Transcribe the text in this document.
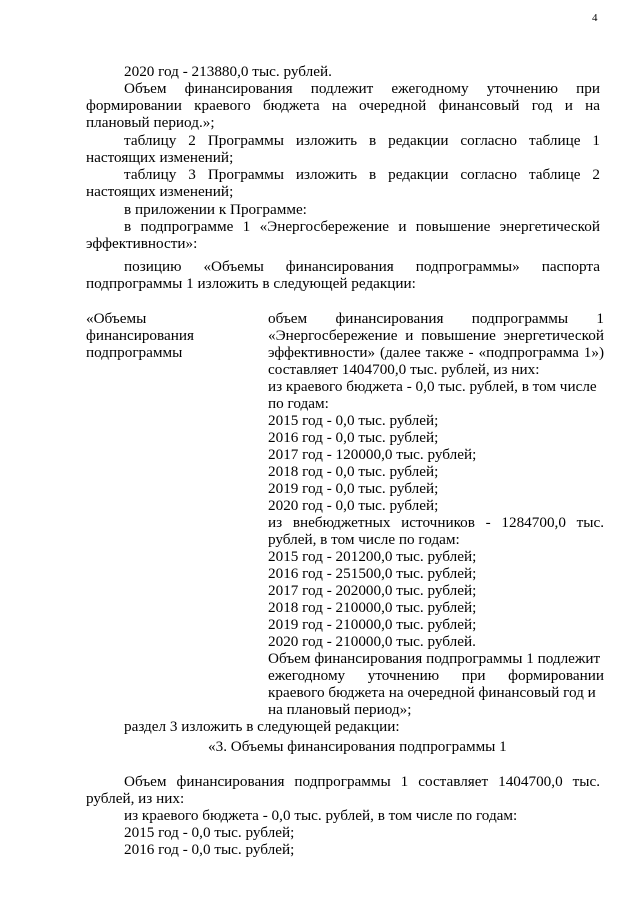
4
2020 год - 213880,0 тыс. рублей.
Объем финансирования подлежит ежегодному уточнению при
формировании краевого бюджета на очередной финансовый год и на
плановый период.»;
таблицу 2 Программы изложить в редакции согласно таблице 1
настоящих изменений;
таблицу 3 Программы изложить в редакции согласно таблице 2
настоящих изменений;
в приложении к Программе:
в подпрограмме 1 «Энергосбережение и повышение энергетической
эффективности»:
позицию «Объемы финансирования подпрограммы» паспорта
подпрограммы 1 изложить в следующей редакции:
«Объемы
финансирования
подпрограммы
объем финансирования подпрограммы 1
«Энергосбережение и повышение энергетической
эффективности» (далее также - «подпрограмма 1»)
составляет 1404700,0 тыс. рублей, из них:
из краевого бюджета - 0,0 тыс. рублей, в том числе
по годам:
2015 год - 0,0 тыс. рублей;
2016 год - 0,0 тыс. рублей;
2017 год - 120000,0 тыс. рублей;
2018 год - 0,0 тыс. рублей;
2019 год - 0,0 тыс. рублей;
2020 год - 0,0 тыс. рублей;
из внебюджетных источников - 1284700,0 тыс.
рублей, в том числе по годам:
2015 год - 201200,0 тыс. рублей;
2016 год - 251500,0 тыс. рублей;
2017 год - 202000,0 тыс. рублей;
2018 год - 210000,0 тыс. рублей;
2019 год - 210000,0 тыс. рублей;
2020 год - 210000,0 тыс. рублей.
Объем финансирования подпрограммы 1 подлежит
ежегодному уточнению при формировании
краевого бюджета на очередной финансовый год и
на плановый период»;
раздел 3 изложить в следующей редакции:
«3. Объемы финансирования подпрограммы 1
Объем финансирования подпрограммы 1 составляет 1404700,0 тыс.
рублей, из них:
из краевого бюджета - 0,0 тыс. рублей, в том числе по годам:
2015 год - 0,0 тыс. рублей;
2016 год - 0,0 тыс. рублей;
